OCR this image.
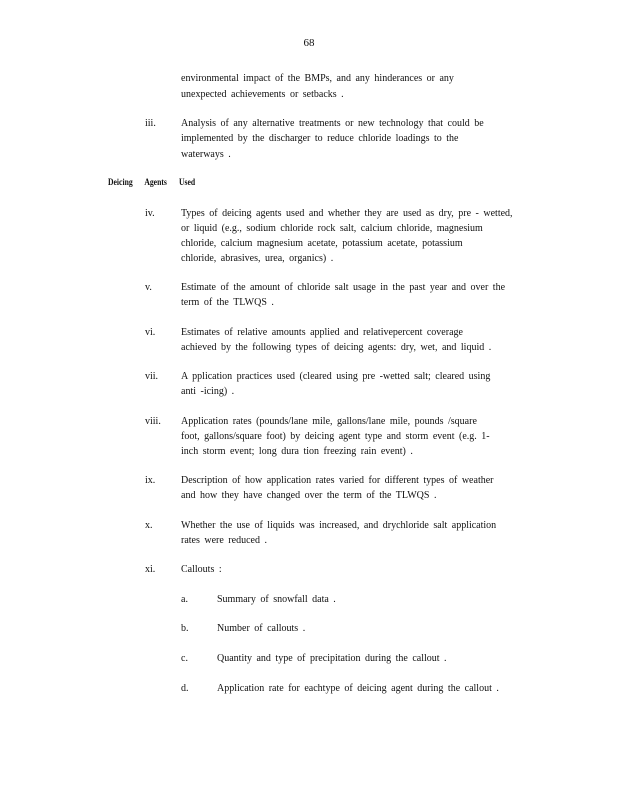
68
environmental impact of the BMPs, and any hinderances or any
unexpected achievements or setbacks .
iii.	Analysis of any alternative treatments or new technology that could be
implemented by the discharger to reduce chloride loadings to the
waterways .
Deicing Agents Used
iv.	Types of deicing agents used and whether they are used as dry, pre - wetted,
or liquid (e.g., sodium chloride rock salt, calcium chloride, magnesium
chloride, calcium magnesium acetate, potassium acetate, potassium
chloride, abrasives, urea, organics) .
v.	Estimate of the amount of chloride salt usage in the past year and over the
term of the TLWQS .
vi.	Estimates of relative amounts applied and relativepercent coverage
achieved by the following types of deicing agents: dry, wet, and liquid .
vii. A pplication practices used (cleared using pre -wetted salt; cleared using
anti -icing) .
viii. Application rates (pounds/lane mile, gallons/lane mile, pounds /square
foot, gallons/square foot) by deicing agent type and storm event (e.g. 1-
inch storm event; long dura tion freezing rain event) .
ix.	Description of how application rates varied for different types of weather
and how they have changed over the term of the TLWQS .
x.	Whether the use of liquids was increased, and drychloride salt application
rates were reduced .
xi.	Callouts :
a.	Summary of snowfall data .
b.	Number of callouts .
c.	Quantity and type of precipitation during the callout .
d.	Application rate for eachtype of deicing agent during the callout .
